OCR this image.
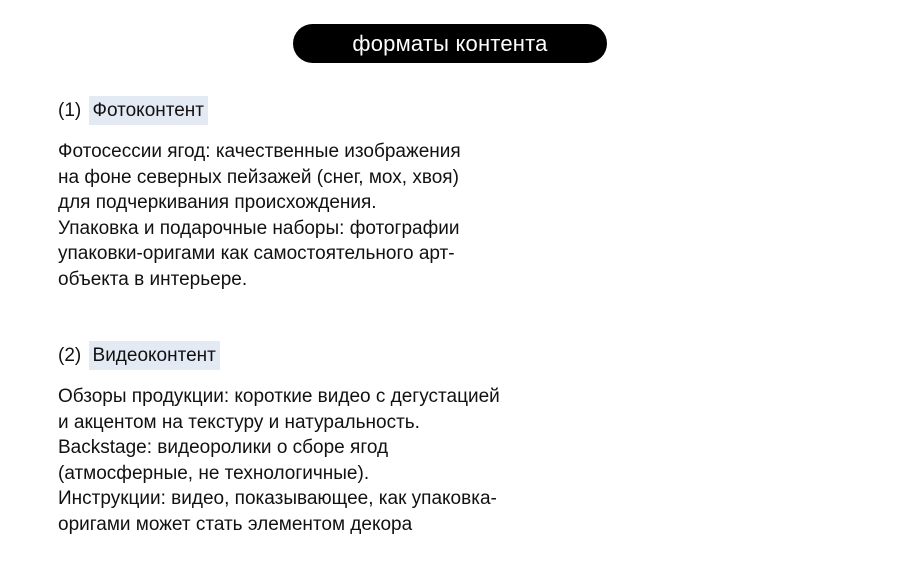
форматы контента
(1) Фотоконтент
Фотосессии ягод: качественные изображения
на фоне северных пейзажей (снег, мох, хвоя)
для подчеркивания происхождения.
Упаковка и подарочные наборы: фотографии
упаковки-оригами как самостоятельного арт-
объекта в интерьере.
(2) Видеоконтент
Обзоры продукции: короткие видео с дегустацией
и акцентом на текстуру и натуральность.
Backstage: видеоролики о сборе ягод
(атмосферные, не технологичные).
Инструкции: видео, показывающее, как упаковка-
оригами может стать элементом декора
